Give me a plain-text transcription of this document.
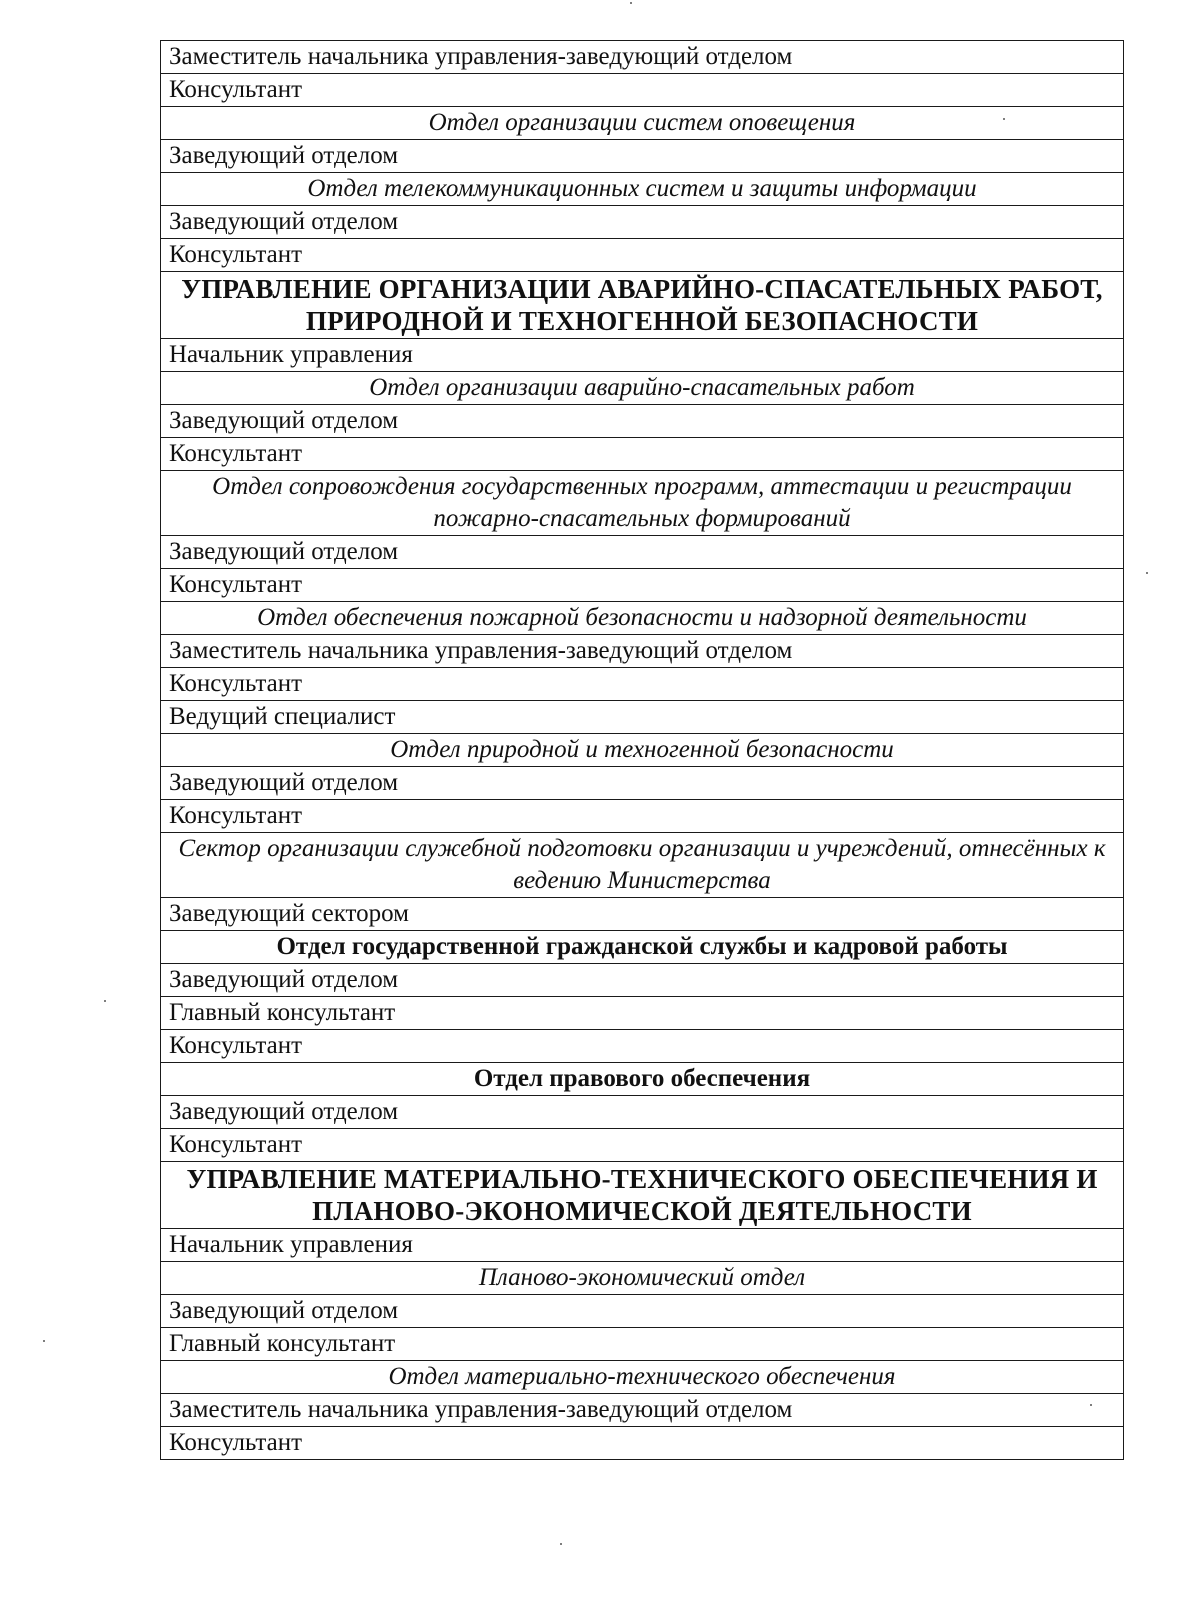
Заместитель начальника управления-заведующий отделом
Консультант
Отдел организации систем оповещения
Заведующий отделом
Отдел телекоммуникационных систем и защиты информации
Заведующий отделом
Консультант
УПРАВЛЕНИЕ ОРГАНИЗАЦИИ АВАРИЙНО-СПАСАТЕЛЬНЫХ РАБОТ, ПРИРОДНОЙ И ТЕХНОГЕННОЙ БЕЗОПАСНОСТИ
Начальник управления
Отдел организации аварийно-спасательных работ
Заведующий отделом
Консультант
Отдел сопровождения государственных программ, аттестации и регистрации пожарно-спасательных формирований
Заведующий отделом
Консультант
Отдел обеспечения пожарной безопасности и надзорной деятельности
Заместитель начальника управления-заведующий отделом
Консультант
Ведущий специалист
Отдел природной и техногенной безопасности
Заведующий отделом
Консультант
Сектор организации служебной подготовки организации и учреждений, отнесённых к ведению Министерства
Заведующий сектором
Отдел государственной гражданской службы и кадровой работы
Заведующий отделом
Главный консультант
Консультант
Отдел правового обеспечения
Заведующий отделом
Консультант
УПРАВЛЕНИЕ МАТЕРИАЛЬНО-ТЕХНИЧЕСКОГО ОБЕСПЕЧЕНИЯ И ПЛАНОВО-ЭКОНОМИЧЕСКОЙ ДЕЯТЕЛЬНОСТИ
Начальник управления
Планово-экономический отдел
Заведующий отделом
Главный консультант
Отдел материально-технического обеспечения
Заместитель начальника управления-заведующий отделом
Консультант
